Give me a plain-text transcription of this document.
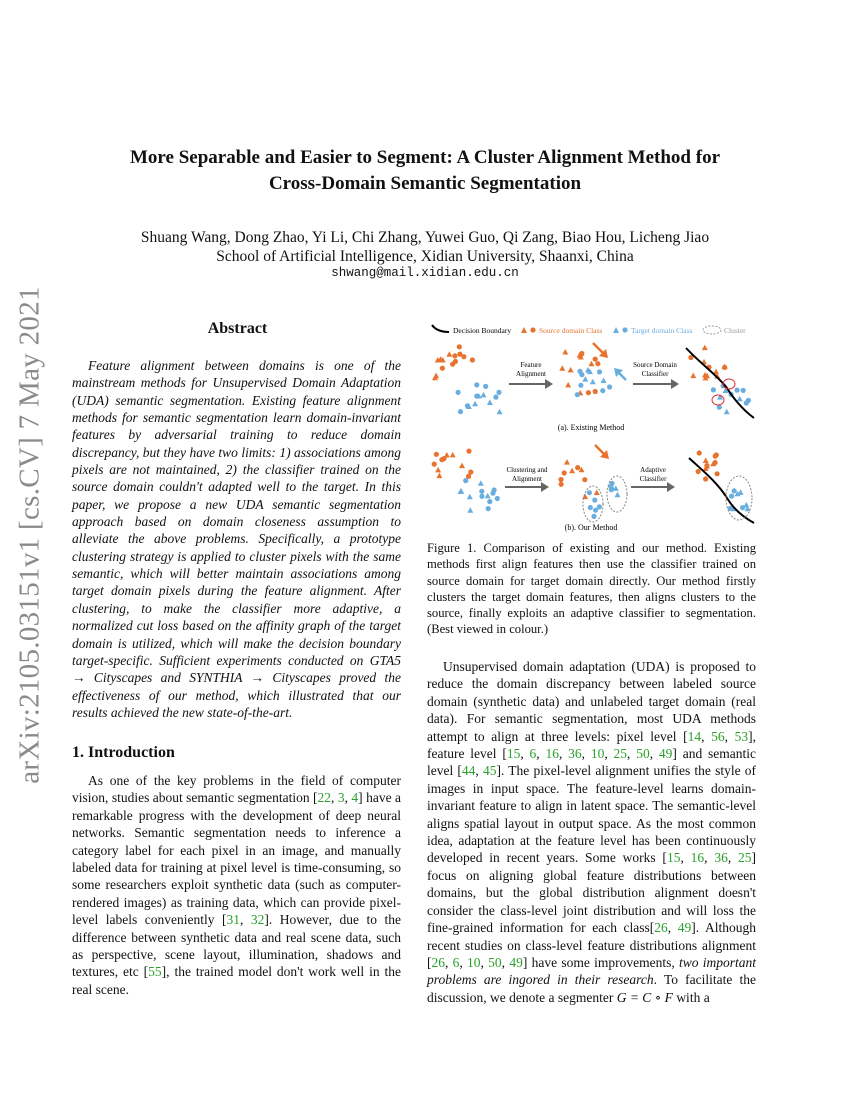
arXiv:2105.03151v1 [cs.CV] 7 May 2021
More Separable and Easier to Segment: A Cluster Alignment Method for
Cross-Domain Semantic Segmentation
Shuang Wang, Dong Zhao, Yi Li, Chi Zhang, Yuwei Guo, Qi Zang, Biao Hou, Licheng Jiao
School of Artificial Intelligence, Xidian University, Shaanxi, China
shwang@mail.xidian.edu.cn
Abstract

Feature alignment between domains is one of the mainstream methods for Unsupervised Domain Adaptation (UDA) semantic segmentation. Existing feature alignment methods for semantic segmentation learn domain-invariant features by adversarial training to reduce domain discrepancy, but they have two limits: 1) associations among pixels are not maintained, 2) the classifier trained on the source domain couldn't adapted well to the target. In this paper, we propose a new UDA semantic segmentation approach based on domain closeness assumption to alleviate the above problems. Specifically, a prototype clustering strategy is applied to cluster pixels with the same semantic, which will better maintain associations among target domain pixels during the feature alignment. After clustering, to make the classifier more adaptive, a normalized cut loss based on the affinity graph of the target domain is utilized, which will make the decision boundary target-specific. Sufficient experiments conducted on GTA5 → Cityscapes and SYNTHIA → Cityscapes proved the effectiveness of our method, which illustrated that our results achieved the new state-of-the-art.

1. Introduction

As one of the key problems in the field of computer vision, studies about semantic segmentation [22, 3, 4] have a remarkable progress with the development of deep neural networks. Semantic segmentation needs to inference a category label for each pixel in an image, and manually labeled data for training at pixel level is time-consuming, so some researchers exploit synthetic data (such as computer-rendered images) as training data, which can provide pixel-level labels conveniently [31, 32]. However, due to the difference between synthetic data and real scene data, such as perspective, scene layout, illumination, shadows and textures, etc [55], the trained model don't work well in the real scene.

Decision Boundary	Source domain Class	Target domain Class	Cluster
Feature
Alignment
Source Domain
Classifier
(a). Existing Method
Clustering and
Alignment
Adaptive
Classifier
(b). Our Method
Figure 1. Comparison of existing and our method. Existing methods first align features then use the classifier trained on source domain for target domain directly. Our method firstly clusters the target domain features, then aligns clusters to the source, finally exploits an adaptive classifier to segmentation. (Best viewed in colour.)

Unsupervised domain adaptation (UDA) is proposed to reduce the domain discrepancy between labeled source domain (synthetic data) and unlabeled target domain (real data). For semantic segmentation, most UDA methods attempt to align at three levels: pixel level [14, 56, 53], feature level [15, 6, 16, 36, 10, 25, 50, 49] and semantic level [44, 45]. The pixel-level alignment unifies the style of images in input space. The feature-level learns domain-invariant feature to align in latent space. The semantic-level aligns spatial layout in output space. As the most common idea, adaptation at the feature level has been continuously developed in recent years. Some works [15, 16, 36, 25] focus on aligning global feature distributions between domains, but the global distribution alignment doesn't consider the class-level joint distribution and will loss the fine-grained information for each class[26, 49]. Although recent studies on class-level feature distributions alignment [26, 6, 10, 50, 49] have some improvements, two important problems are ingored in their research. To facilitate the discussion, we denote a segmenter G = C ∘ F with a
